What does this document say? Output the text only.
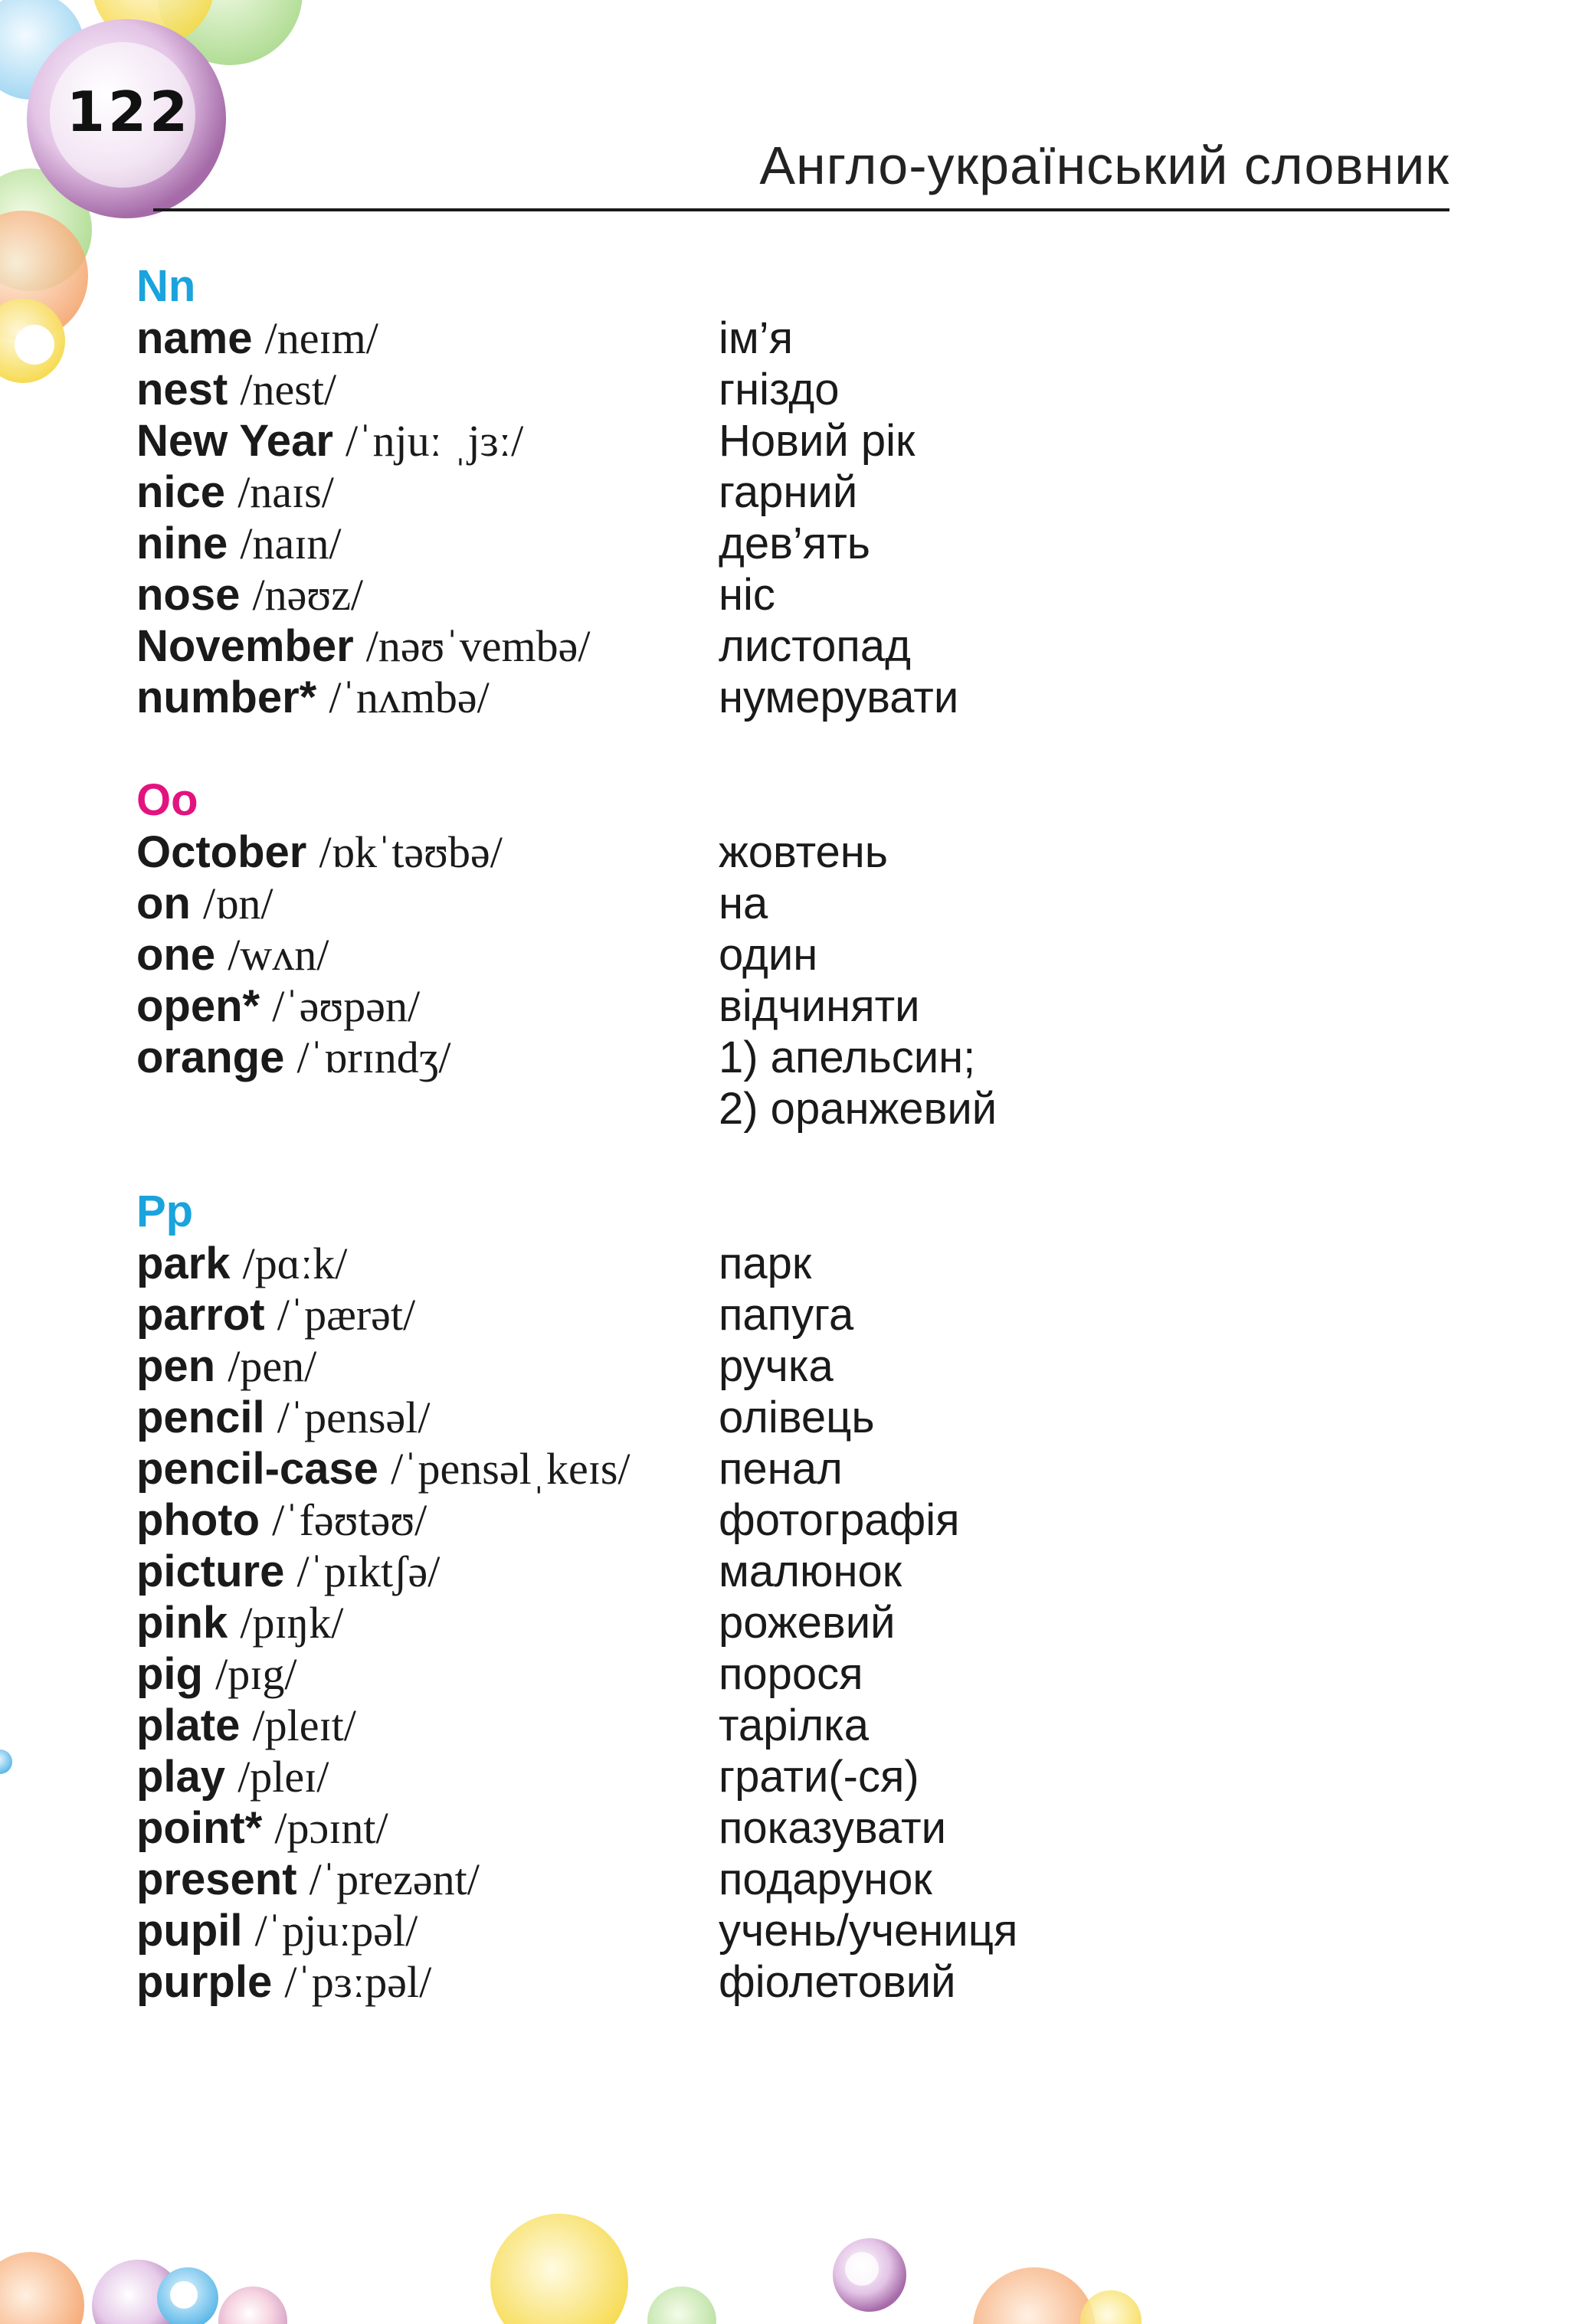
122
Англо-український словник
Nn
name /neɪm/	ім’я
nest /nest/	гніздо
New Year /ˈnjuː ˌjɜː/	Новий рік
nice /naɪs/	гарний
nine /naɪn/	дев’ять
nose /nəʊz/	ніс
November /nəʊˈvembə/	листопад
number* /ˈnʌmbə/	нумерувати
Oo
October /ɒkˈtəʊbə/	жовтень
on /ɒn/	на
one /wʌn/	один
open* /ˈəʊpən/	відчиняти
orange /ˈɒrɪndʒ/	1) апельсин;
2) оранжевий
Pp
park /pɑːk/	парк
parrot /ˈpærət/	папуга
pen /pen/	ручка
pencil /ˈpensəl/	олівець
pencil-case /ˈpensəlˌkeɪs/	пенал
photo /ˈfəʊtəʊ/	фотографія
picture /ˈpɪktʃə/	малюнок
pink /pɪŋk/	рожевий
pig /pɪg/	порося
plate /pleɪt/	тарілка
play /pleɪ/	грати(-ся)
point* /pɔɪnt/	показувати
present /ˈprezənt/	подарунок
pupil /ˈpjuːpəl/	учень/учениця
purple /ˈpɜːpəl/	фіолетовий
